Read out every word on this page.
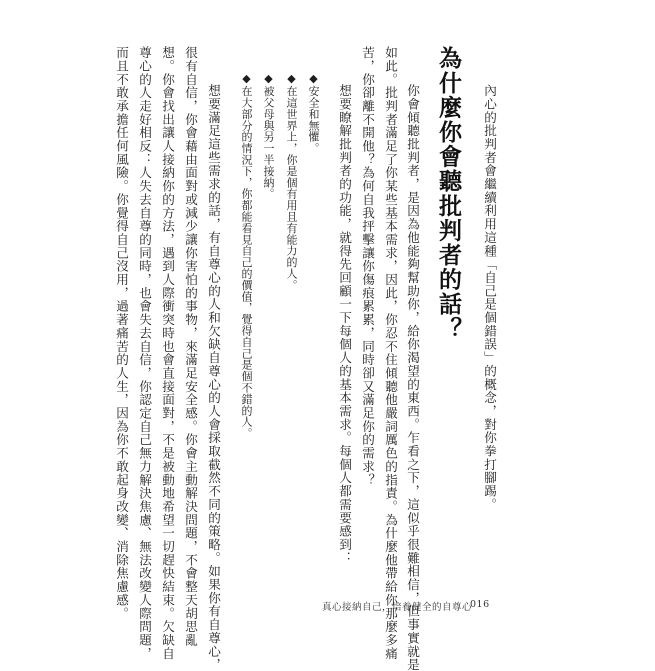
內心的批判者會繼續利用這種「自己是個錯誤」的概念，對你拳打腳踢。
為什麼你會聽批判者的話？
你會傾聽批判者，是因為他能夠幫助你，給你渴望的東西。乍看之下，這似乎很難相信，但事實就是
如此。批判者滿足了你某些基本需求，因此，你忍不住傾聽他嚴詞厲色的指責。為什麼他帶給你那麼多痛
苦，你卻離不開他？為何自我抨擊讓你傷痕累累，同時卻又滿足你的需求？
想要瞭解批判者的功能，就得先回顧一下每個人的基本需求。每個人都需要感到：
◆安全和無懼。
◆在這世界上，你是個有用且有能力的人。
◆被父母與另一半接納。
◆在大部分的情況下，你都能看見自己的價值，覺得自己是個不錯的人。
想要滿足這些需求的話，有自尊心的人和欠缺自尊心的人會採取截然不同的策略。如果你有自尊心，
很有自信，你會藉由面對或減少讓你害怕的事物，來滿足安全感。你會主動解決問題，不會整天胡思亂
想。你會找出讓人接納你的方法，遇到人際衝突時也會直接面對，不是被動地希望一切趕快結束。欠缺自
尊心的人走好相反：人失去自尊的同時，也會失去自信，你認定自己無力解決焦慮、無法改變人際問題，
而且不敢承擔任何風險。你覺得自己沒用，過著痛苦的人生，因為你不敢起身改變、消除焦慮感。	真心接納自己，培養健全的自尊心
016
